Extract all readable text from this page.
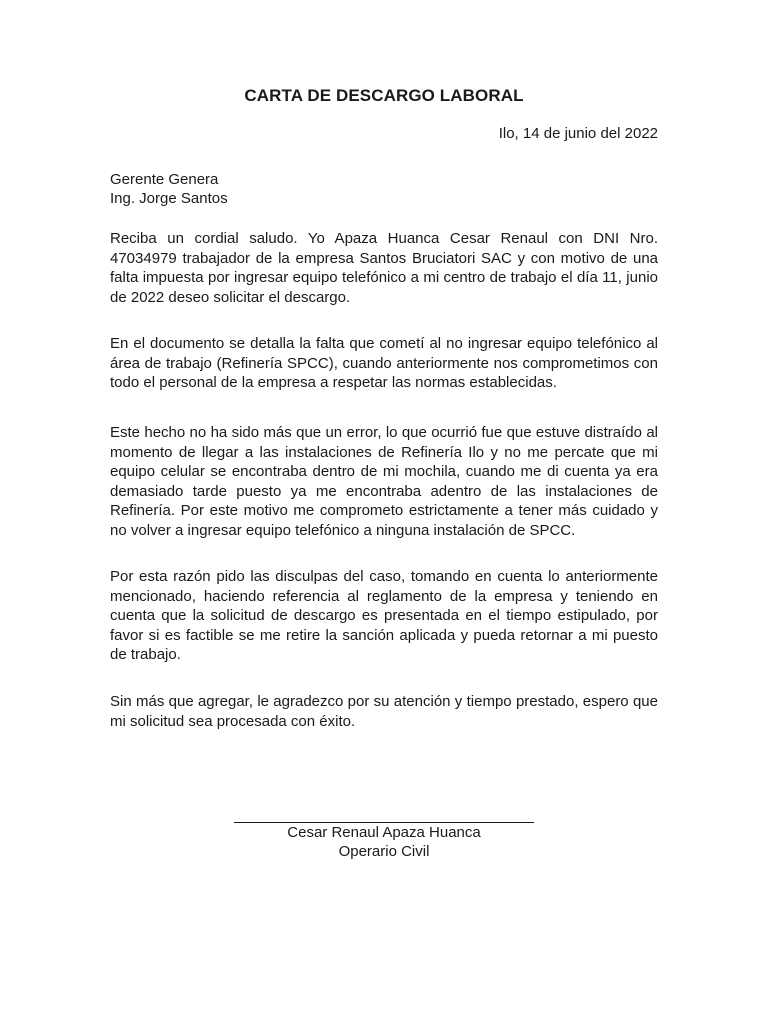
CARTA DE DESCARGO LABORAL
Ilo, 14 de junio del 2022
Gerente Genera
Ing. Jorge Santos

Reciba un cordial saludo. Yo Apaza Huanca Cesar Renaul con DNI Nro. 47034979 trabajador de la empresa Santos Bruciatori SAC y con motivo de una falta impuesta por ingresar equipo telefónico a mi centro de trabajo el día 11, junio de 2022 deseo solicitar el descargo.

En el documento se detalla la falta que cometí al no ingresar equipo telefónico al área de trabajo (Refinería SPCC), cuando anteriormente nos comprometimos con todo el personal de la empresa a respetar las normas establecidas.

Este hecho no ha sido más que un error, lo que ocurrió fue que estuve distraído al momento de llegar a las instalaciones de Refinería Ilo y no me percate que mi equipo celular se encontraba dentro de mi mochila, cuando me di cuenta ya era demasiado tarde puesto ya me encontraba adentro de las instalaciones de Refinería. Por este motivo me comprometo estrictamente a tener más cuidado y no volver a ingresar equipo telefónico a ninguna instalación de SPCC.

Por esta razón pido las disculpas del caso, tomando en cuenta lo anteriormente mencionado, haciendo referencia al reglamento de la empresa y teniendo en cuenta que la solicitud de descargo es presentada en el tiempo estipulado, por favor si es factible se me retire la sanción aplicada y pueda retornar a mi puesto de trabajo.

Sin más que agregar, le agradezco por su atención y tiempo prestado, espero que mi solicitud sea procesada con éxito.

Cesar Renaul Apaza Huanca
Operario Civil
